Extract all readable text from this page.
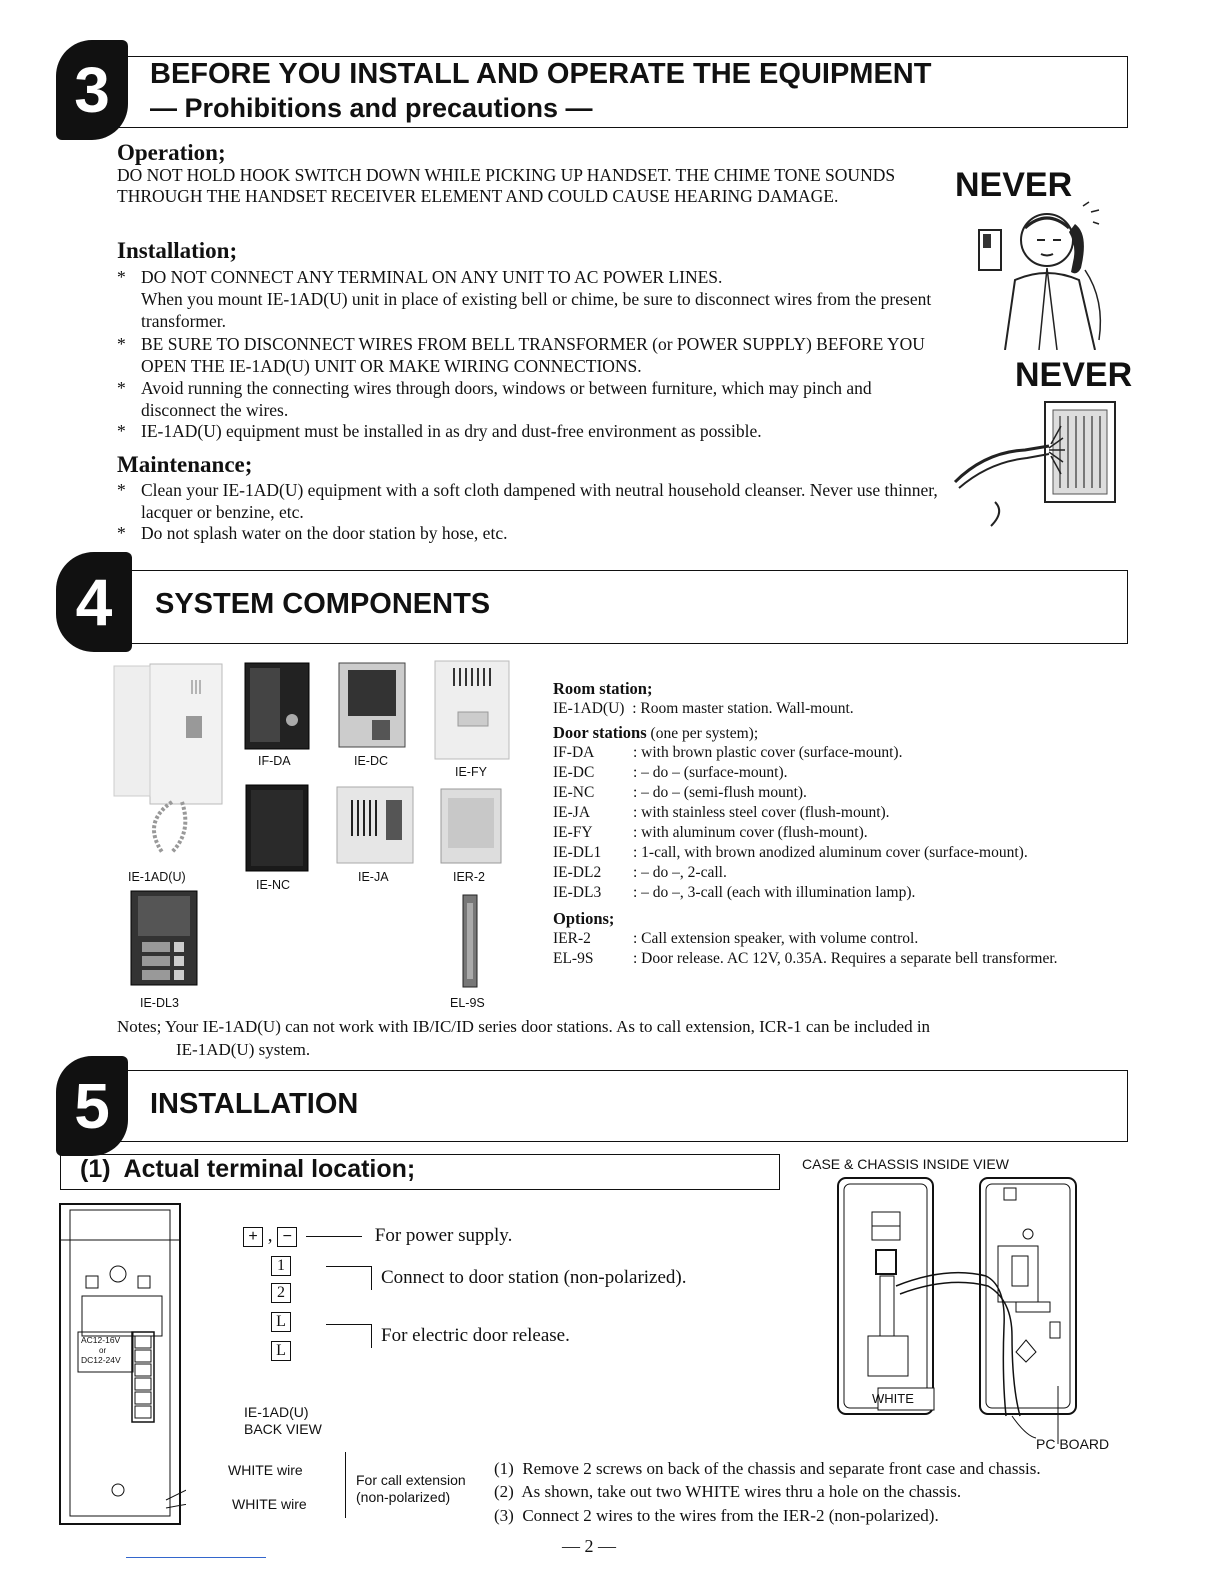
3 BEFORE YOU INSTALL AND OPERATE THE EQUIPMENT
— Prohibitions and precautions —
Operation;
DO NOT HOLD HOOK SWITCH DOWN WHILE PICKING UP HANDSET. THE CHIME TONE SOUNDS THROUGH THE HANDSET RECEIVER ELEMENT AND COULD CAUSE HEARING DAMAGE.
Installation;
* DO NOT CONNECT ANY TERMINAL ON ANY UNIT TO AC POWER LINES.
When you mount IE-1AD(U) unit in place of existing bell or chime, be sure to disconnect wires from the present transformer.
* BE SURE TO DISCONNECT WIRES FROM BELL TRANSFORMER (or POWER SUPPLY) BEFORE YOU OPEN THE IE-1AD(U) UNIT OR MAKE WIRING CONNECTIONS.
* Avoid running the connecting wires through doors, windows or between furniture, which may pinch and disconnect the wires.
* IE-1AD(U) equipment must be installed in as dry and dust-free environment as possible.
Maintenance;
* Clean your IE-1AD(U) equipment with a soft cloth dampened with neutral household cleanser. Never use thinner, lacquer or benzine, etc.
* Do not splash water on the door station by hose, etc.
NEVER
NEVER
4 SYSTEM COMPONENTS
IE-1AD(U)
IF-DA	IE-DC
IE-FY
IE-NC
IE-JA	IER-2
IE-DL3	EL-9S
Room station;
IE-1AD(U)  : Room master station. Wall-mount.
Door stations (one per system);
IF-DA : with brown plastic cover (surface-mount).
IE-DC : – do – (surface-mount).
IE-NC : – do – (semi-flush mount).
IE-JA	: with stainless steel cover (flush-mount).
IE-FY	: with aluminum cover (flush-mount).
IE-DL1 : 1-call, with brown anodized aluminum cover (surface-mount).
IE-DL2 : – do –, 2-call.
IE-DL3 : – do –, 3-call (each with illumination lamp).
Options;
IER-2	: Call extension speaker, with volume control.
EL-9S	: Door release. AC 12V, 0.35A. Requires a separate bell transformer.
Notes; Your IE-1AD(U) can not work with IB/IC/ID series door stations. As to call extension, ICR-1 can be included in
IE-1AD(U) system.
5 INSTALLATION
(1)  Actual terminal location;
AC12-16V
or
DC12-24V
+ , −	For power supply.
1
2
Connect to door station (non-polarized).
L
L
For electric door release.
IE-1AD(U)
BACK VIEW
WHITE wire
WHITE wire
For call extension
(non-polarized)
CASE & CHASSIS INSIDE VIEW
WHITE
PC BOARD
(1)  Remove 2 screws on back of the chassis and separate front case and chassis.
(2)  As shown, take out two WHITE wires thru a hole on the chassis.
(3)  Connect 2 wires to the wires from the IER-2 (non-polarized).
— 2 —
